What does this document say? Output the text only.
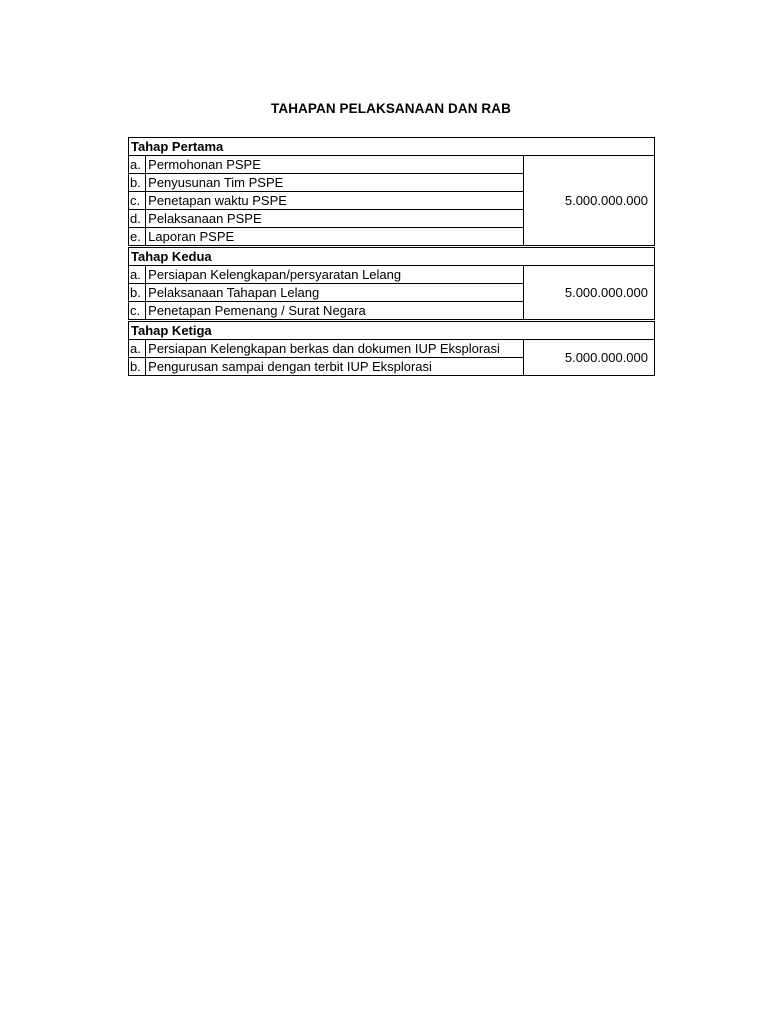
TAHAPAN PELAKSANAAN DAN RAB
Tahap Pertama		
a.	Permohonan PSPE	5.000.000.000
b.	Penyusunan Tim PSPE	
c.	Penetapan waktu PSPE	
d.	Pelaksanaan PSPE	
e.	Laporan PSPE	
Tahap Kedua		
a.	Persiapan Kelengkapan/persyaratan Lelang	5.000.000.000
b.	Pelaksanaan Tahapan Lelang	
c.	Penetapan Pemenang / Surat Negara	
Tahap Ketiga		
a.	Persiapan Kelengkapan berkas dan dokumen IUP Eksplorasi	5.000.000.000
b.	Pengurusan sampai dengan terbit IUP Eksplorasi	
